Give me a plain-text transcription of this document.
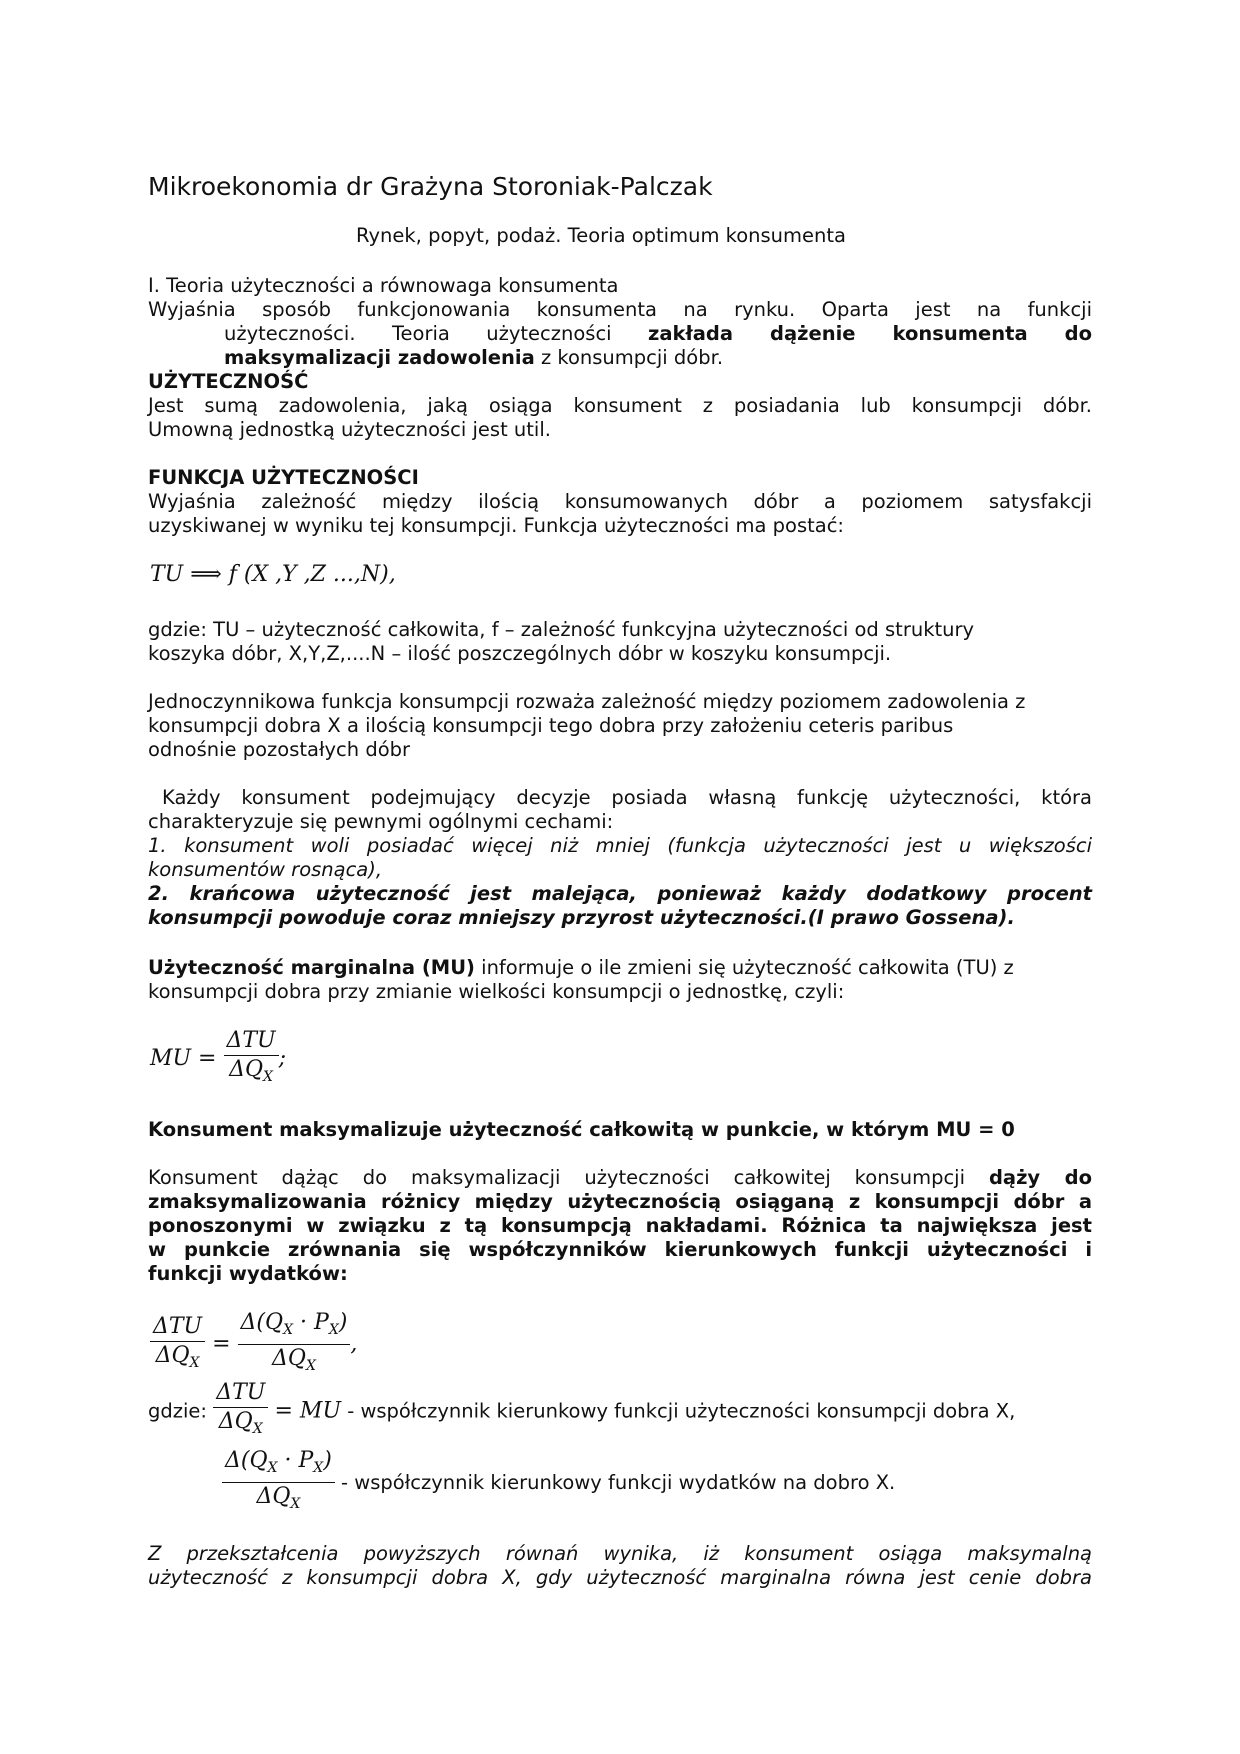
Mikroekonomia dr Grażyna Storoniak-Palczak
Rynek, popyt, podaż. Teoria optimum konsumenta
I. Teoria użyteczności a równowaga konsumenta
Wyjaśnia sposób funkcjonowania konsumenta na rynku. Oparta jest na funkcji
użyteczności. Teoria użyteczności zakłada dążenie konsumenta do
maksymalizacji zadowolenia z konsumpcji dóbr.
UŻYTECZNOŚĆ
Jest sumą zadowolenia, jaką osiąga konsument z posiadania lub konsumpcji dóbr.
Umowną jednostką użyteczności jest util.
FUNKCJA UŻYTECZNOŚCI
Wyjaśnia zależność między ilością konsumowanych dóbr a poziomem satysfakcji
uzyskiwanej w wyniku tej konsumpcji. Funkcja użyteczności ma postać:
TU ⟹ f (X ,Y ,Z ...,N),
gdzie: TU – użyteczność całkowita, f – zależność funkcyjna użyteczności od struktury
koszyka dóbr, X,Y,Z,....N – ilość poszczególnych dóbr w koszyku konsumpcji.
Jednoczynnikowa funkcja konsumpcji rozważa zależność między poziomem zadowolenia z
konsumpcji dobra X a ilością konsumpcji tego dobra przy założeniu ceteris paribus
odnośnie pozostałych dóbr
Każdy konsument podejmujący decyzje posiada własną funkcję użyteczności, która
charakteryzuje się pewnymi ogólnymi cechami:
1. konsument woli posiadać więcej niż mniej (funkcja użyteczności jest u większości
konsumentów rosnąca),
2. krańcowa użyteczność jest malejąca, ponieważ każdy dodatkowy procent
konsumpcji powoduje coraz mniejszy przyrost użyteczności.(I prawo Gossena).
Użyteczność marginalna (MU) informuje o ile zmieni się użyteczność całkowita (TU) z
konsumpcji dobra przy zmianie wielkości konsumpcji o jednostkę, czyli:
MU = $\frac{\text{ΔTU}}{\Delta Q_X}$ ;
Konsument maksymalizuje użyteczność całkowitą w punkcie, w którym MU = 0
Konsument dążąc do maksymalizacji użyteczności całkowitej konsumpcji dąży do
zmaksymalizowania różnicy między użytecznością osiąganą z konsumpcji dóbr a
ponoszonymi w związku z tą konsumpcją nakładami. Różnica ta największa jest
w punkcie zrównania się współczynników kierunkowych funkcji użyteczności i
funkcji wydatków:
$\frac{\text{ΔTU}}{\Delta Q_X} = \frac{\Delta(Q_X \cdot P_X)}{\Delta Q_X}$ ,
gdzie: $\frac{\text{ΔTU}}{\Delta Q_X}$ = MU - współczynnik kierunkowy funkcji użyteczności konsumpcji dobra X,
$\frac{\Delta(Q_X \cdot P_X)}{\Delta Q_X}$ - współczynnik kierunkowy funkcji wydatków na dobro X.
Z przekształcenia powyższych równań wynika, iż konsument osiąga maksymalną
użyteczność z konsumpcji dobra X, gdy użyteczność marginalna równa jest cenie dobra
